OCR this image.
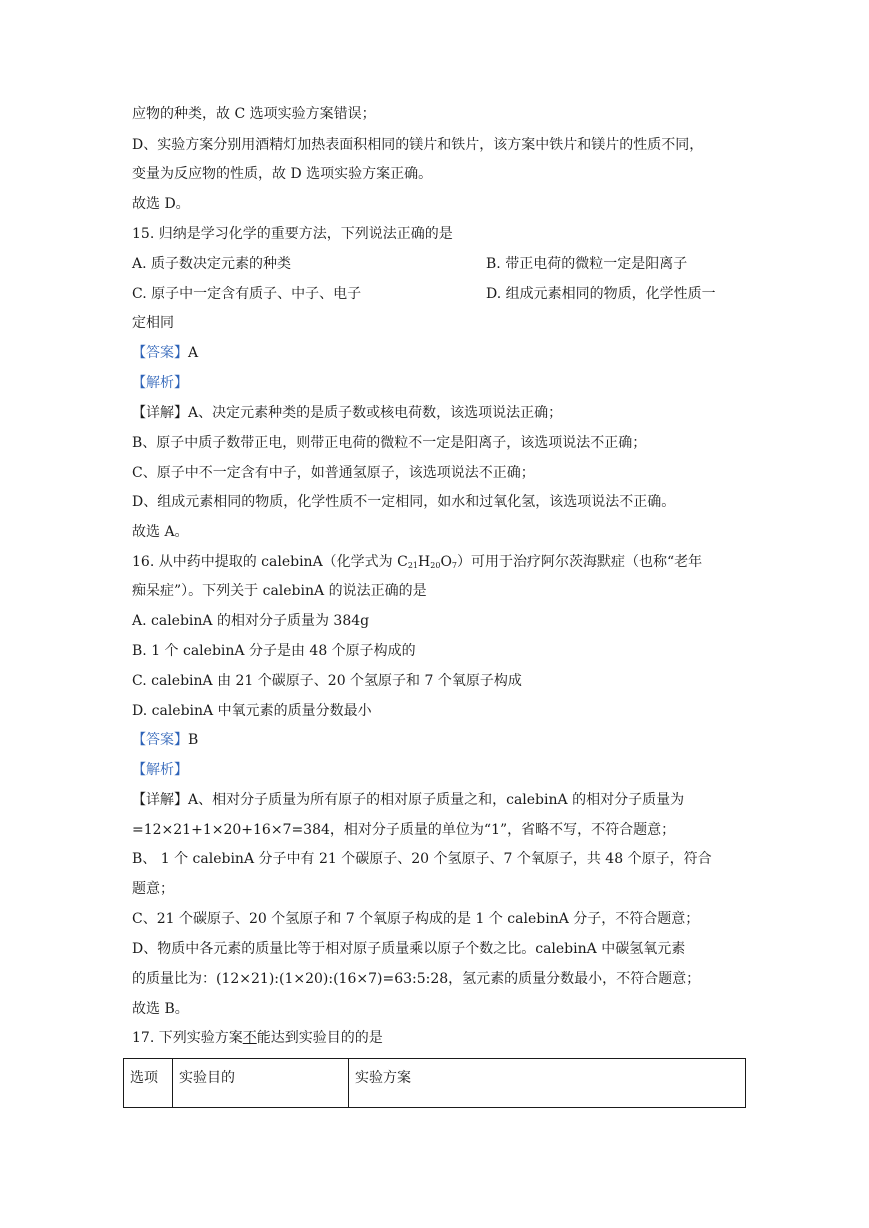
应物的种类，故 C 选项实验方案错误；
D、实验方案分别用酒精灯加热表面积相同的镁片和铁片，该方案中铁片和镁片的性质不同，
变量为反应物的性质，故 D 选项实验方案正确。
故选 D。
15. 归纳是学习化学的重要方法，下列说法正确的是
A. 质子数决定元素的种类	B. 带正电荷的微粒一定是阳离子
C. 原子中一定含有质子、中子、电子	D. 组成元素相同的物质，化学性质一
定相同
【答案】A
【解析】
【详解】A、决定元素种类的是质子数或核电荷数，该选项说法正确；
B、原子中质子数带正电，则带正电荷的微粒不一定是阳离子，该选项说法不正确；
C、原子中不一定含有中子，如普通氢原子，该选项说法不正确；
D、组成元素相同的物质，化学性质不一定相同，如水和过氧化氢，该选项说法不正确。
故选 A。
16. 从中药中提取的 calebinA（化学式为 $C_{21}H_{20}O_7$）可用于治疗阿尔茨海默症（也称“老年
痴呆症”）。下列关于 calebinA 的说法正确的是
A. calebinA 的相对分子质量为 384g
B. 1 个 calebinA 分子是由 48 个原子构成的
C. calebinA 由 21 个碳原子、20 个氢原子和 7 个氧原子构成
D. calebinA 中氧元素的质量分数最小
【答案】B
【解析】
【详解】A、相对分子质量为所有原子的相对原子质量之和，calebinA 的相对分子质量为
=12×21+1×20+16×7=384，相对分子质量的单位为“1”，省略不写，不符合题意；
B、 1 个 calebinA 分子中有 21 个碳原子、20 个氢原子、7 个氧原子，共 48 个原子，符合
题意；
C、21 个碳原子、20 个氢原子和 7 个氧原子构成的是 1 个 calebinA 分子，不符合题意；
D、物质中各元素的质量比等于相对原子质量乘以原子个数之比。calebinA 中碳氢氧元素
的质量比为：(12×21):(1×20):(16×7)=63:5:28，氢元素的质量分数最小，不符合题意；
故选 B。
17. 下列实验方案不能达到实验目的的是
选项	实验目的	实验方案
